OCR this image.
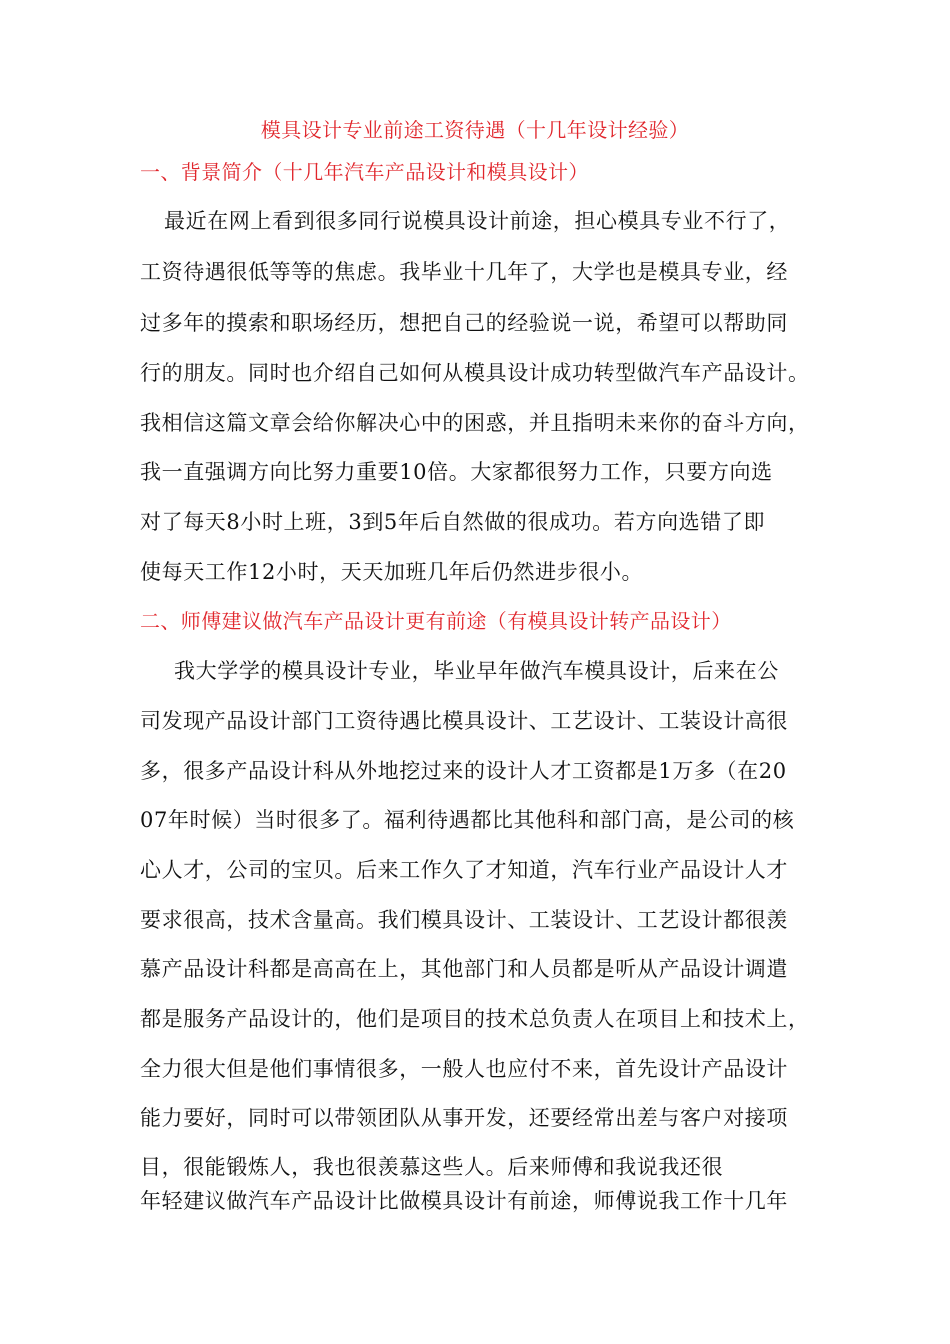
模具设计专业前途工资待遇（十几年设计经验）
一、背景简介（十几年汽车产品设计和模具设计）
最近在网上看到很多同行说模具设计前途，担心模具专业不行了，
工资待遇很低等等的焦虑。我毕业十几年了，大学也是模具专业，经
过多年的摸索和职场经历，想把自己的经验说一说，希望可以帮助同
行的朋友。同时也介绍自己如何从模具设计成功转型做汽车产品设计。
我相信这篇文章会给你解决心中的困惑，并且指明未来你的奋斗方向，
我一直强调方向比努力重要10倍。大家都很努力工作，只要方向选
对了每天8小时上班，3到5年后自然做的很成功。若方向选错了即
使每天工作12小时，天天加班几年后仍然进步很小。
二、师傅建议做汽车产品设计更有前途（有模具设计转产品设计）
我大学学的模具设计专业，毕业早年做汽车模具设计，后来在公
司发现产品设计部门工资待遇比模具设计、工艺设计、工装设计高很
多，很多产品设计科从外地挖过来的设计人才工资都是1万多（在20
07年时候）当时很多了。福利待遇都比其他科和部门高，是公司的核
心人才，公司的宝贝。后来工作久了才知道，汽车行业产品设计人才
要求很高，技术含量高。我们模具设计、工装设计、工艺设计都很羡
慕产品设计科都是高高在上，其他部门和人员都是听从产品设计调遣
都是服务产品设计的，他们是项目的技术总负责人在项目上和技术上，
全力很大但是他们事情很多，一般人也应付不来，首先设计产品设计
能力要好，同时可以带领团队从事开发，还要经常出差与客户对接项
目，很能锻炼人，我也很羡慕这些人。后来师傅和我说我还很
年轻建议做汽车产品设计比做模具设计有前途，师傅说我工作十几年
